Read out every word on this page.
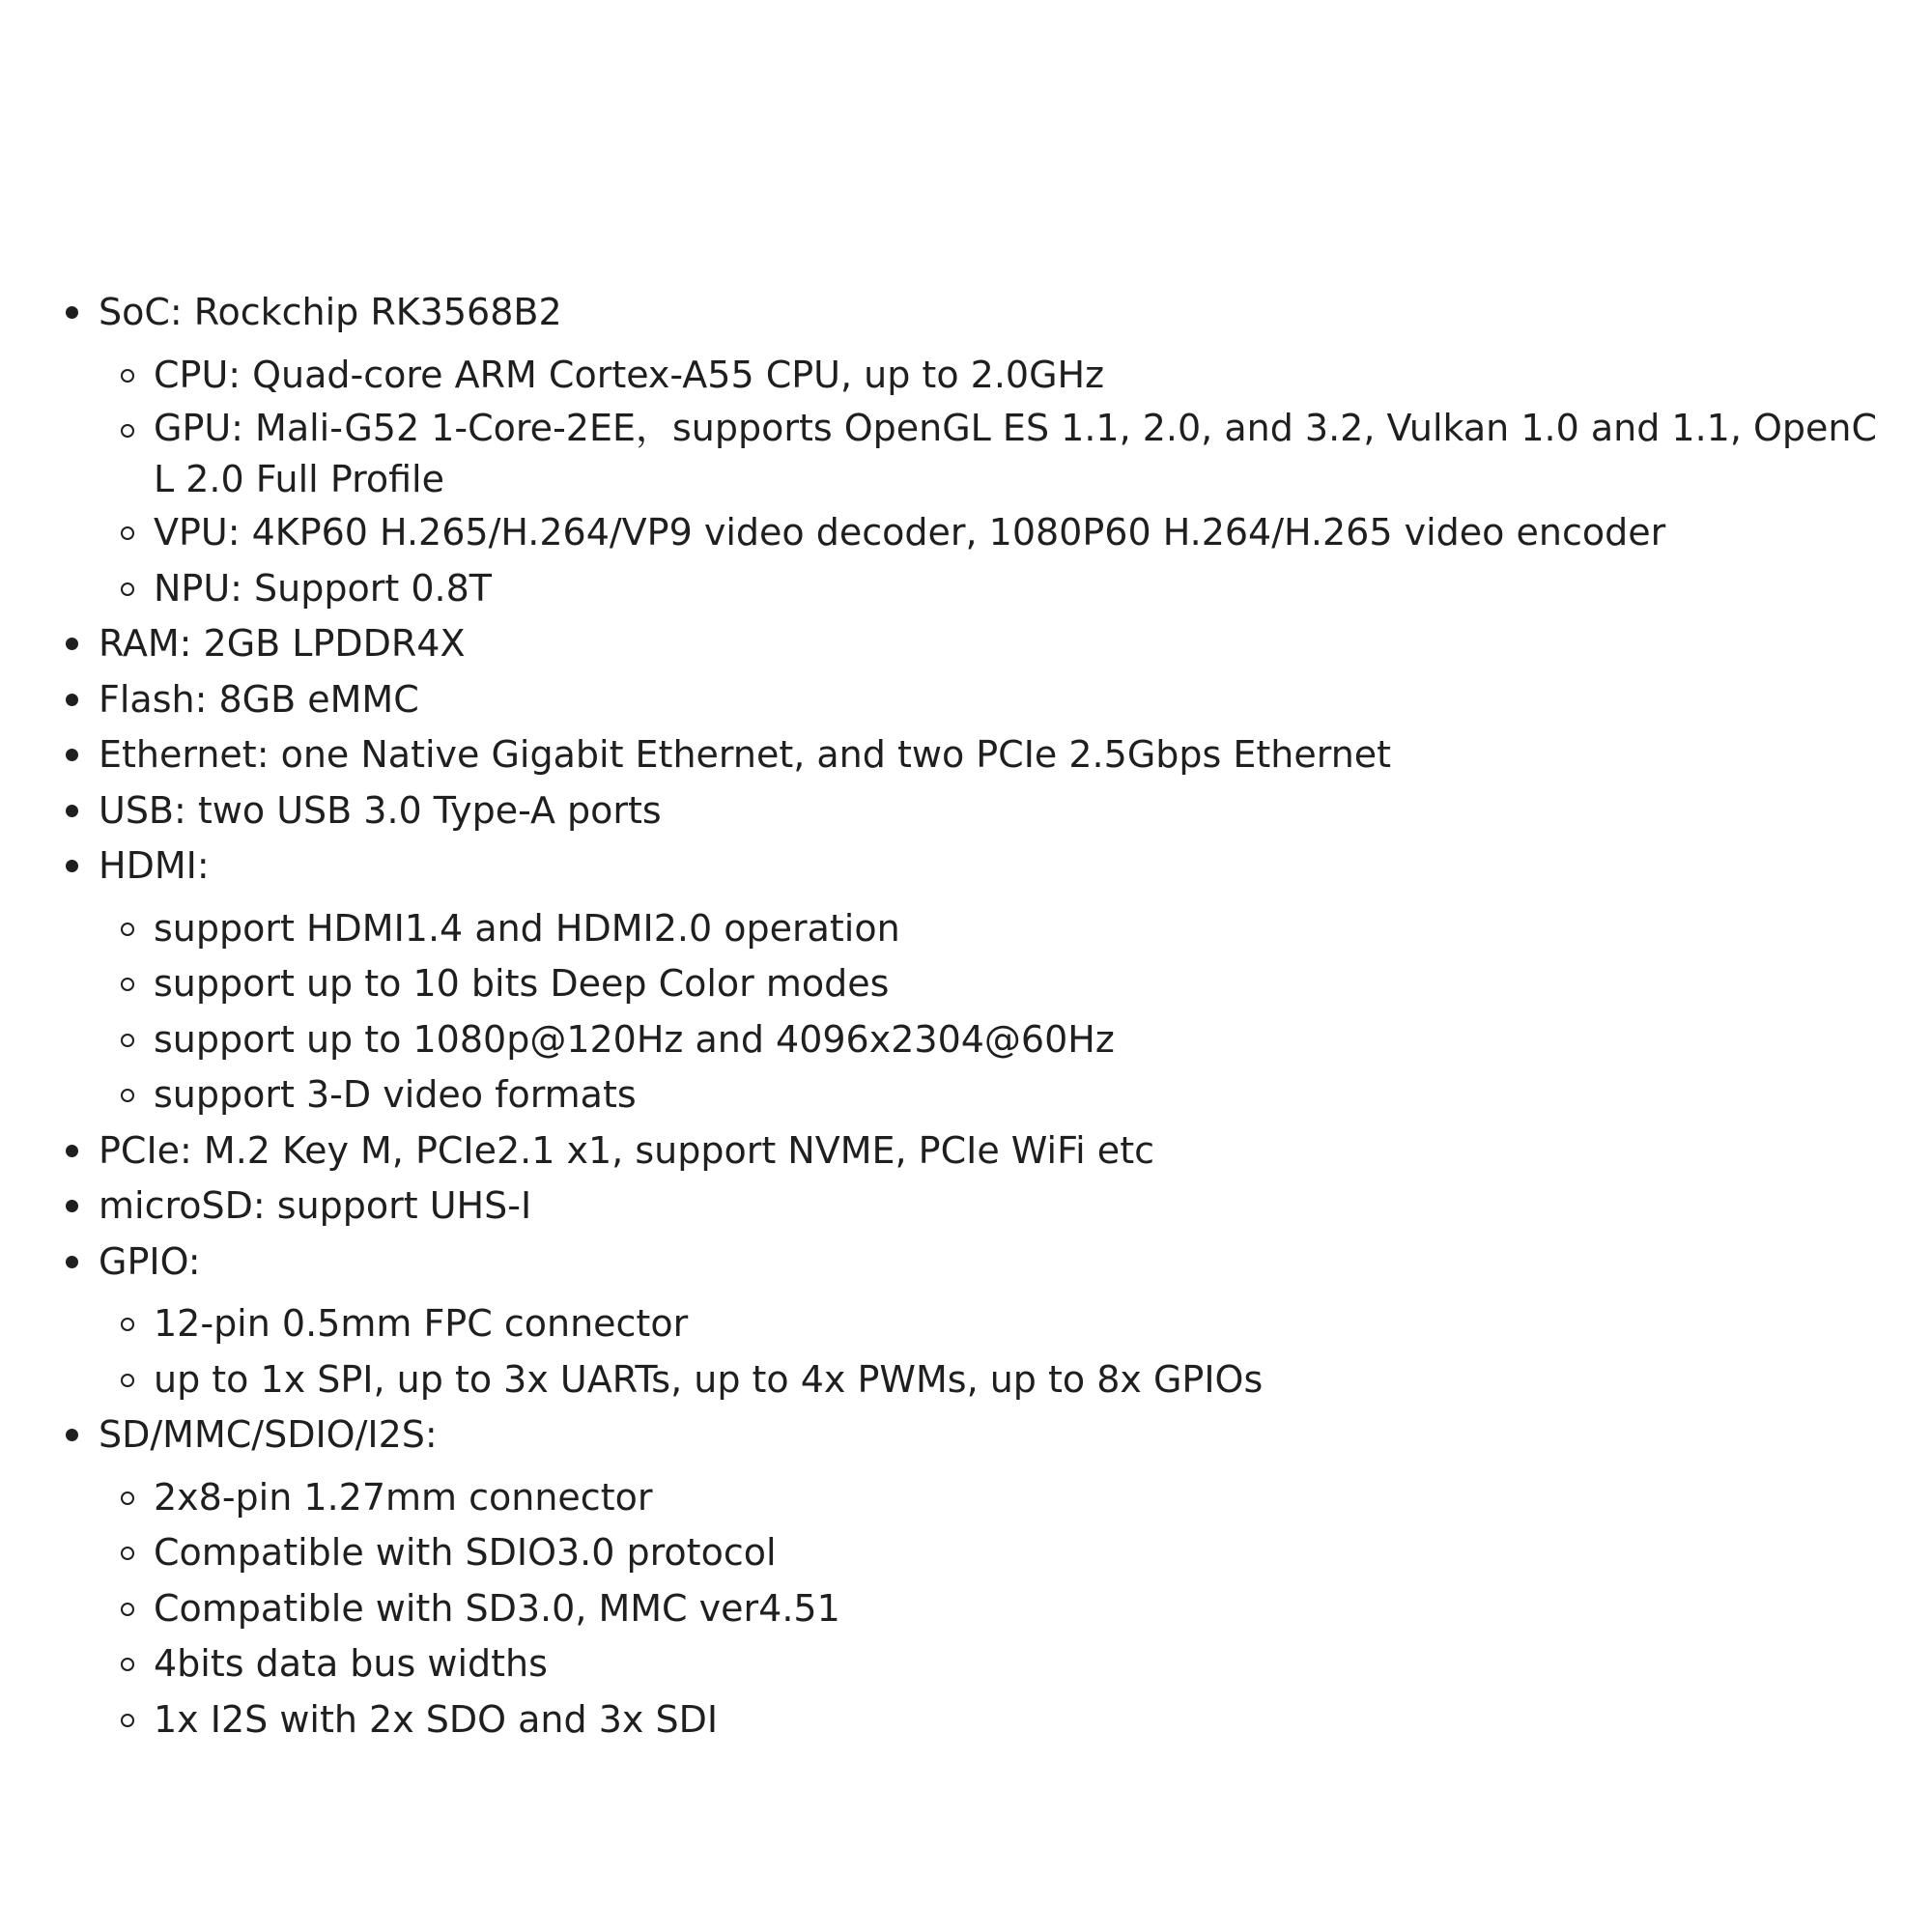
SoC: Rockchip RK3568B2
CPU: Quad-core ARM Cortex-A55 CPU, up to 2.0GHz
GPU: Mali-G52 1-Core-2EE，supports OpenGL ES 1.1, 2.0, and 3.2, Vulkan 1.0 and 1.1, OpenCL 2.0 Full Profile
VPU: 4KP60 H.265/H.264/VP9 video decoder, 1080P60 H.264/H.265 video encoder
NPU: Support 0.8T
RAM: 2GB LPDDR4X
Flash: 8GB eMMC
Ethernet: one Native Gigabit Ethernet, and two PCIe 2.5Gbps Ethernet
USB: two USB 3.0 Type-A ports
HDMI:
support HDMI1.4 and HDMI2.0 operation
support up to 10 bits Deep Color modes
support up to 1080p@120Hz and 4096x2304@60Hz
support 3-D video formats
PCIe: M.2 Key M, PCIe2.1 x1, support NVME, PCIe WiFi etc
microSD: support UHS-I
GPIO:
12-pin 0.5mm FPC connector
up to 1x SPI, up to 3x UARTs, up to 4x PWMs, up to 8x GPIOs
SD/MMC/SDIO/I2S:
2x8-pin 1.27mm connector
Compatible with SDIO3.0 protocol
Compatible with SD3.0, MMC ver4.51
4bits data bus widths
1x I2S with 2x SDO and 3x SDI
